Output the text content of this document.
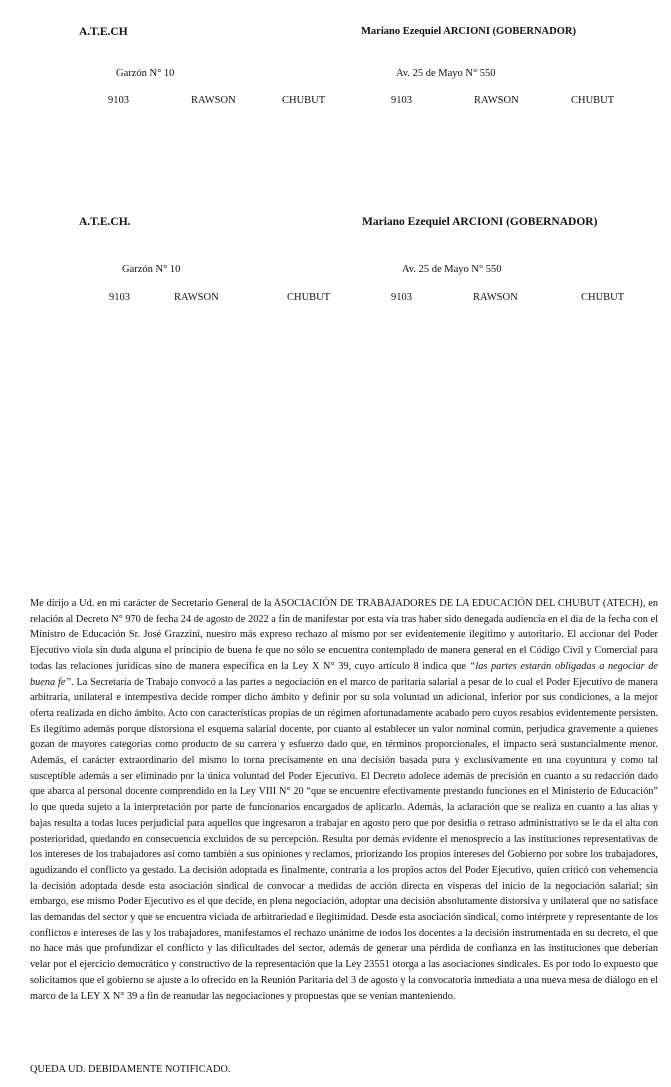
A.T.E.CH	Mariano Ezequiel ARCIONI (GOBERNADOR)
Garzón N° 10	Av. 25 de Mayo N° 550
9103	RAWSON	CHUBUT	9103	RAWSON	CHUBUT
A.T.E.CH.	Mariano Ezequiel ARCIONI (GOBERNADOR)
Garzón N° 10	Av. 25 de Mayo N° 550
9103	RAWSON	CHUBUT	9103	RAWSON	CHUBUT
Me dirijo a Ud. en mi carácter de Secretario General de la ASOCIACIÓN DE TRABAJADORES DE LA EDUCACIÓN DEL CHUBUT (ATECH), en relación al Decreto N° 970 de fecha 24 de agosto de 2022 a fin de manifestar por esta vía tras haber sido denegada audiencia en el día de la fecha con el Ministro de Educación Sr. José Grazzini, nuestro más expreso rechazo al mismo por ser evidentemente ilegítimo y autoritario. El accionar del Poder Ejecutivo viola sin duda alguna el principio de buena fe que no sólo se encuentra contemplado de manera general en el Código Civil y Comercial para todas las relaciones jurídicas sino de manera específica en la Ley X N° 39, cuyo artículo 8 indica que “las partes estarán obligadas a negociar de buena fe”. La Secretaría de Trabajo convocó a las partes a negociación en el marco de paritaria salarial a pesar de lo cual el Poder Ejecutivo de manera arbitraria, unilateral e intempestiva decide romper dicho ámbito y definir por su sola voluntad un adicional, inferior por sus condiciones, a la mejor oferta realizada en dicho ámbito. Acto con características propias de un régimen afortunadamente acabado pero cuyos resabios evidentemente persisten. Es ilegítimo además porque distorsiona el esquema salarial docente, por cuanto al establecer un valor nominal común, perjudica gravemente a quienes gozan de mayores categorías como producto de su carrera y esfuerzo dado que, en términos proporcionales, el impacto será sustancialmente menor. Además, el carácter extraordinario del mismo lo torna precisamente en una decisión basada pura y exclusivamente en una coyuntura y como tal susceptible además a ser eliminado por la única voluntad del Poder Ejecutivo. El Decreto adolece además de precisión en cuanto a su redacción dado que abarca al personal docente comprendido en la Ley VIII N° 20 “que se encuentre efectivamente prestando funciones en el Ministerio de Educación” lo que queda sujeto a la interpretación por parte de funcionarios encargados de aplicarlo. Además, la aclaración que se realiza en cuanto a las altas y bajas resulta a todas luces perjudicial para aquellos que ingresaron a trabajar en agosto pero que por desidia o retraso administrativo se le da el alta con posterioridad, quedando en consecuencia excluidos de su percepción. Resulta por demás evidente el menosprecio a las instituciones representativas de los intereses de los trabajadores así como también a sus opiniones y reclamos, priorizando los propios intereses del Gobierno por sobre los trabajadores, agudizando el conflicto ya gestado. La decisión adoptada es finalmente, contraria a los propios actos del Poder Ejecutivo, quien criticó con vehemencia la decisión adoptada desde esta asociación sindical de convocar a medidas de acción directa en vísperas del inicio de la negociación salarial; sin embargo, ese mismo Poder Ejecutivo es el que decide, en plena negociación, adoptar una decisión absolutamente distorsiva y unilateral que no satisface las demandas del sector y que se encuentra viciada de arbitrariedad e ilegitimidad. Desde esta asociación sindical, como intérprete y representante de los conflictos e intereses de las y los trabajadores, manifestamos el rechazo unánime de todos los docentes a la decisión instrumentada en su decreto, el que no hace más que profundizar el conflicto y las dificultades del sector, además de generar una pérdida de confianza en las instituciones que deberían velar por el ejercicio democrático y constructivo de la representación que la Ley 23551 otorga a las asociaciones sindicales. Es por todo lo expuesto que solicitamos que el gobierno se ajuste a lo ofrecido en la Reunión Paritaria del 3 de agosto y la convocatoria inmediata a una nueva mesa de diálogo en el marco de la LEY X N° 39 a fin de reanudar las negociaciones y propuestas que se venían manteniendo.
QUEDA UD. DEBIDAMENTE NOTIFICADO.
